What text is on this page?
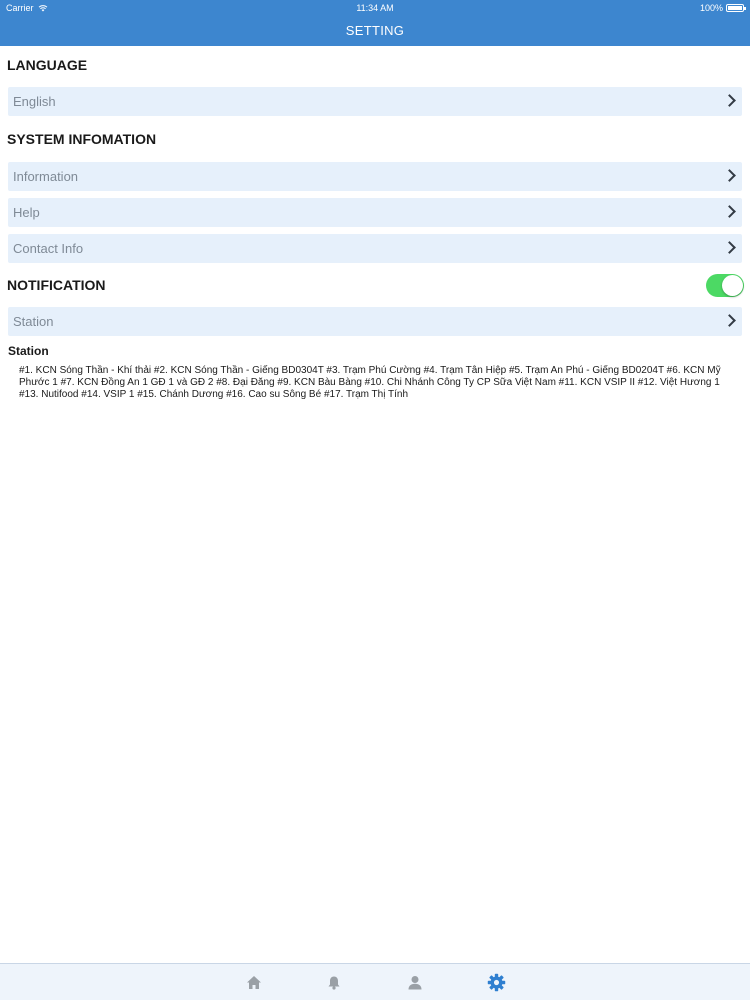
Carrier	11:34 AM	100%
SETTING
LANGUAGE
English
SYSTEM INFOMATION
Information
Help
Contact Info
NOTIFICATION
Station
Station
#1. KCN Sóng Thần - Khí thải #2. KCN Sóng Thần - Giếng BD0304T #3. Trạm Phú Cường #4. Trạm Tân Hiệp #5. Trạm An Phú - Giếng BD0204T #6. KCN Mỹ Phước 1 #7. KCN Đồng An 1 GĐ 1 và GĐ 2 #8. Đại Đăng #9. KCN Bàu Bàng #10. Chi Nhánh Công Ty CP Sữa Việt Nam #11. KCN VSIP II #12. Việt Hương 1 #13. Nutifood #14. VSIP 1 #15. Chánh Dương #16. Cao su Sông Bé #17. Trạm Thị Tính
